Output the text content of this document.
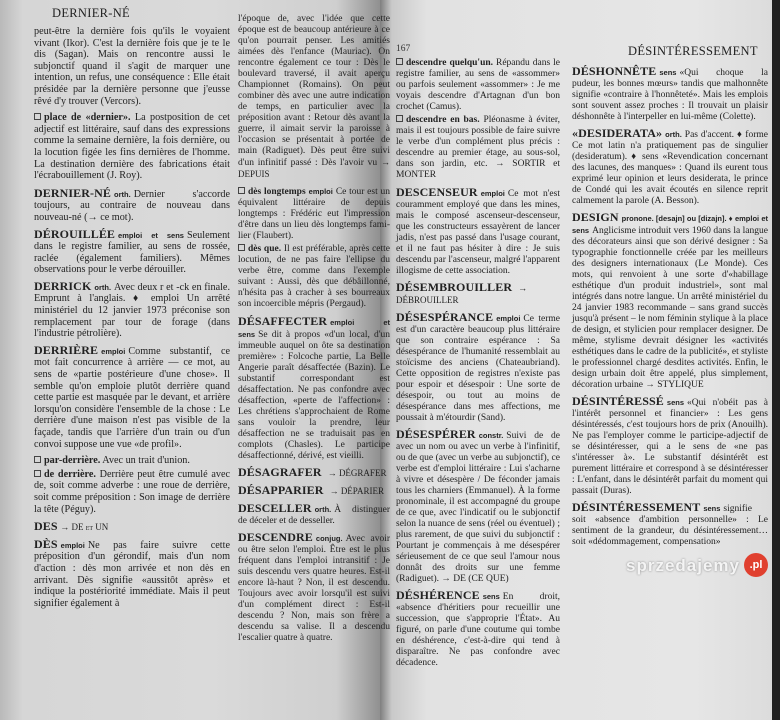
DERNIER-NÉ

peut-être la dernière fois qu'ils le voyaient vivant (Ikor). C'est la dernière fois que je te le dis (Sagan). Mais on rencontre aussi le subjonctif quand il s'agit de marquer une intention, un refus, une conséquence : Elle était présidée par la dernière personne que j'eusse rêvé d'y trouver (Vercors).

place de «dernier». La postposition de cet adjectif est littéraire, sauf dans des expressions comme la semaine dernière, la fois dernière, ou la locution figée les fins dernières de l'homme. La destination dernière des fabrications était l'écrabouillement (J. Roy).

DERNIER-NÉ orth. Dernier s'accorde toujours, au contraire de nouveau dans nouveau-né (→ ce mot).

DÉROUILLÉE emploi et sens Seulement dans le registre familier, au sens de rossée, raclée (également familiers). Mêmes observations pour le verbe dérouiller.

DERRICK orth. Avec deux r et -ck en finale. Emprunt à l'anglais. ♦ emploi Un arrêté ministériel du 12 janvier 1973 préconise son remplacement par tour de forage (dans l'industrie pétrolière).

DERRIÈRE emploi Comme substantif, ce mot fait concurrence à arrière — ce mot, au sens de «partie postérieure d'une chose». Il semble qu'on emploie plutôt derrière quand cette partie est masquée par le devant, et arrière lorsqu'on considère l'ensemble de la chose : Le derrière d'une maison n'est pas visible de la façade, tandis que l'arrière d'un train ou d'un convoi suppose une vue «de profil».

par-derrière. Avec un trait d'union.

de derrière. Derrière peut être cumulé avec de, soit comme adverbe : une roue de derrière, soit comme préposition : Son image de derrière la tête (Péguy).

DES → DE et UN

DÈS emploi Ne pas faire suivre cette préposition d'un gérondif, mais d'un nom d'action : dès mon arrivée et non dès en arrivant. Dès signifie «aussitôt après» et indique la postériorité immédiate. Mais il peut signifier également à

l'époque de, avec l'idée que cette époque est de beaucoup antérieure à ce qu'on pourrait penser. Les amitiés aimées dès l'enfance (Mauriac). On rencontre également ce tour : Dès le boulevard traversé, il avait aperçu Championnet (Romains). On peut combiner dès avec une autre indication de temps, en particulier avec la préposition avant : Retour dès avant la guerre, il aimait servir la paroisse à l'occasion se présentait à portée de main (Radiguet). Dès peut être suivi d'un infinitif passé : Dès l'avoir vu → DEPUIS

dès longtemps emploi Ce tour est un équivalent littéraire de depuis longtemps : Frédéric eut l'impression d'être dans un lieu dès longtemps fami-lier (Flaubert).

dès que. Il est préférable, après cette locution, de ne pas faire l'ellipse du verbe être, comme dans l'exemple suivant : Aussi, dès que débâillonné, n'hésita pas à cracher à ses bourreaux son incoercible mépris (Pergaud).

DÉSAFFECTER emploi et sens Se dit à propos «d'un local, d'un immeuble auquel on ôte sa destination première» : Folcoche partie, La Belle Angerie paraît désaffectée (Bazin). Le substantif correspondant est désaffectation. Ne pas confondre avec désaffection, «perte de l'affection» : Les chrétiens s'approchaient de Rome sans vouloir la prendre, leur désaffection ne se traduisait pas en complots (Chasles). Le participe désaffectionné, dérivé, est vieilli.

DÉSAGRAFER → DÉGRAFER

DÉSAPPARIER → DÉPARIER

DESCELLER orth. À distinguer de déceler et de desseller.

DESCENDRE conjug. Avec avoir ou être selon l'emploi. Être est le plus fréquent dans l'emploi intransitif : Je suis descendu vers quatre heures. Est-il encore là-haut ? Non, il est descendu. Toujours avec avoir lorsqu'il est suivi d'un complément direct : Est-il descendu ? Non, mais son frère a descendu sa valise. Il a descendu l'escalier quatre à quatre.

167	DÉSINTÉRESSEMENT

descendre quelqu'un. Répandu dans le registre familier, au sens de «assommer» ou parfois seulement «assommer» : Je me voyais descendre d'Artagnan d'un bon crochet (Camus).

descendre en bas. Pléonasme à éviter, mais il est toujours possible de faire suivre le verbe d'un complément plus précis : descendre au premier étage, au sous-sol, dans son jardin, etc. → SORTIR et MONTER

DESCENSEUR emploi Ce mot n'est couramment employé que dans les mines, mais le composé ascenseur-descenseur, que les constructeurs essayèrent de lancer jadis, n'est pas passé dans l'usage courant, et il ne faut pas hésiter à dire : Je suis descendu par l'ascenseur, malgré l'apparent illogisme de cette association.

DÉSEMBROUILLER → DÉBROUILLER

DÉSESPÉRANCE emploi Ce terme est d'un caractère beaucoup plus littéraire que son contraire espérance : Sa désespérance de l'humanité ressemblait au stoïcisme des anciens (Chateaubriand). Cette opposition de registres n'existe pas pour espoir et désespoir : Une sorte de désespoir, ou tout au moins de désespérance dans mes affections, me poussait à m'étourdir (Sand).

DÉSESPÉRER constr. Suivi de de avec un nom ou avec un verbe à l'infinitif, ou de que (avec un verbe au subjonctif), ce verbe est d'emploi littéraire : Lui s'acharne à vivre et désespère / De féconder jamais tous les charniers (Emmanuel). À la forme pronominale, il est accompagné du groupe de ce que, avec l'indicatif ou le subjonctif selon la nuance de sens (réel ou éventuel) ; plus rarement, de que suivi du subjonctif : Pourtant je commençais à me désespérer sérieusement de ce que seul l'amour nous donnât des droits sur une femme (Radiguet). → DE (CE QUE)

DÉSHÉRENCE sens En droit, «absence d'héritiers pour recueillir une succession, que s'approprie l'État». Au figuré, on parle d'une coutume qui tombe en déshérence, c'est-à-dire qui tend à disparaître. Ne pas confondre avec décadence.

DÉSHONNÊTE sens «Qui choque la pudeur, les bonnes mœurs» tandis que malhonnête signifie «contraire à l'honnêteté». Mais les emplois sont souvent assez proches : Il trouvait un plaisir déshonnête à l'interpeller en lui-même (Colette).

«DESIDERATA» orth. Pas d'accent. ♦ forme Ce mot latin n'a pratiquement pas de singulier (desideratum). ♦ sens «Revendication concernant des lacunes, des manques» : Quand ils eurent tous exprimé leur opinion et leurs desiderata, le prince de Condé qui les avait écoutés en silence reprit calmement la parole (A. Besson).

DESIGN pronone. [desajn] ou [dizajn]. ♦ emploi et sens Anglicisme introduit vers 1960 dans la langue des décorateurs ainsi que son dérivé designer : Sa typographie fonctionnelle créée par les meilleurs des designers internationaux (Le Monde). Ces mots, qui renvoient à une sorte d'«habillage esthétique d'un produit industriel», sont mal intégrés dans notre langue. Un arrêté ministériel du 24 janvier 1983 recommande – sans grand succès jusqu'à présent – le nom féminin stylique à la place de design, et stylicien pour remplacer designer. De même, stylisme devrait désigner les «activités esthétiques dans le cadre de la publicité», et styliste le professionnel chargé desdites activités. Enfin, le design urbain doit être appelé, plus simplement, décoration urbaine → STYLIQUE

DÉSINTÉRESSÉ sens «Qui n'obéit pas à l'intérêt personnel et financier» : Les gens désintéressés, c'est toujours hors de prix (Anouilh). Ne pas l'employer comme le participe-adjectif de se désintéresser, qui a le sens de «ne pas s'intéresser à». Le substantif désintérêt est purement littéraire et correspond à se désintéresser : L'enfant, dans le désintérêt parfait du moment qui passait (Duras).

DÉSINTÉRESSEMENT sens signifie soit «absence d'ambition personnelle» : Le sentiment de la grandeur, du désintéressement… soit «dédommagement, compensation»

sprzedajemy .pl
